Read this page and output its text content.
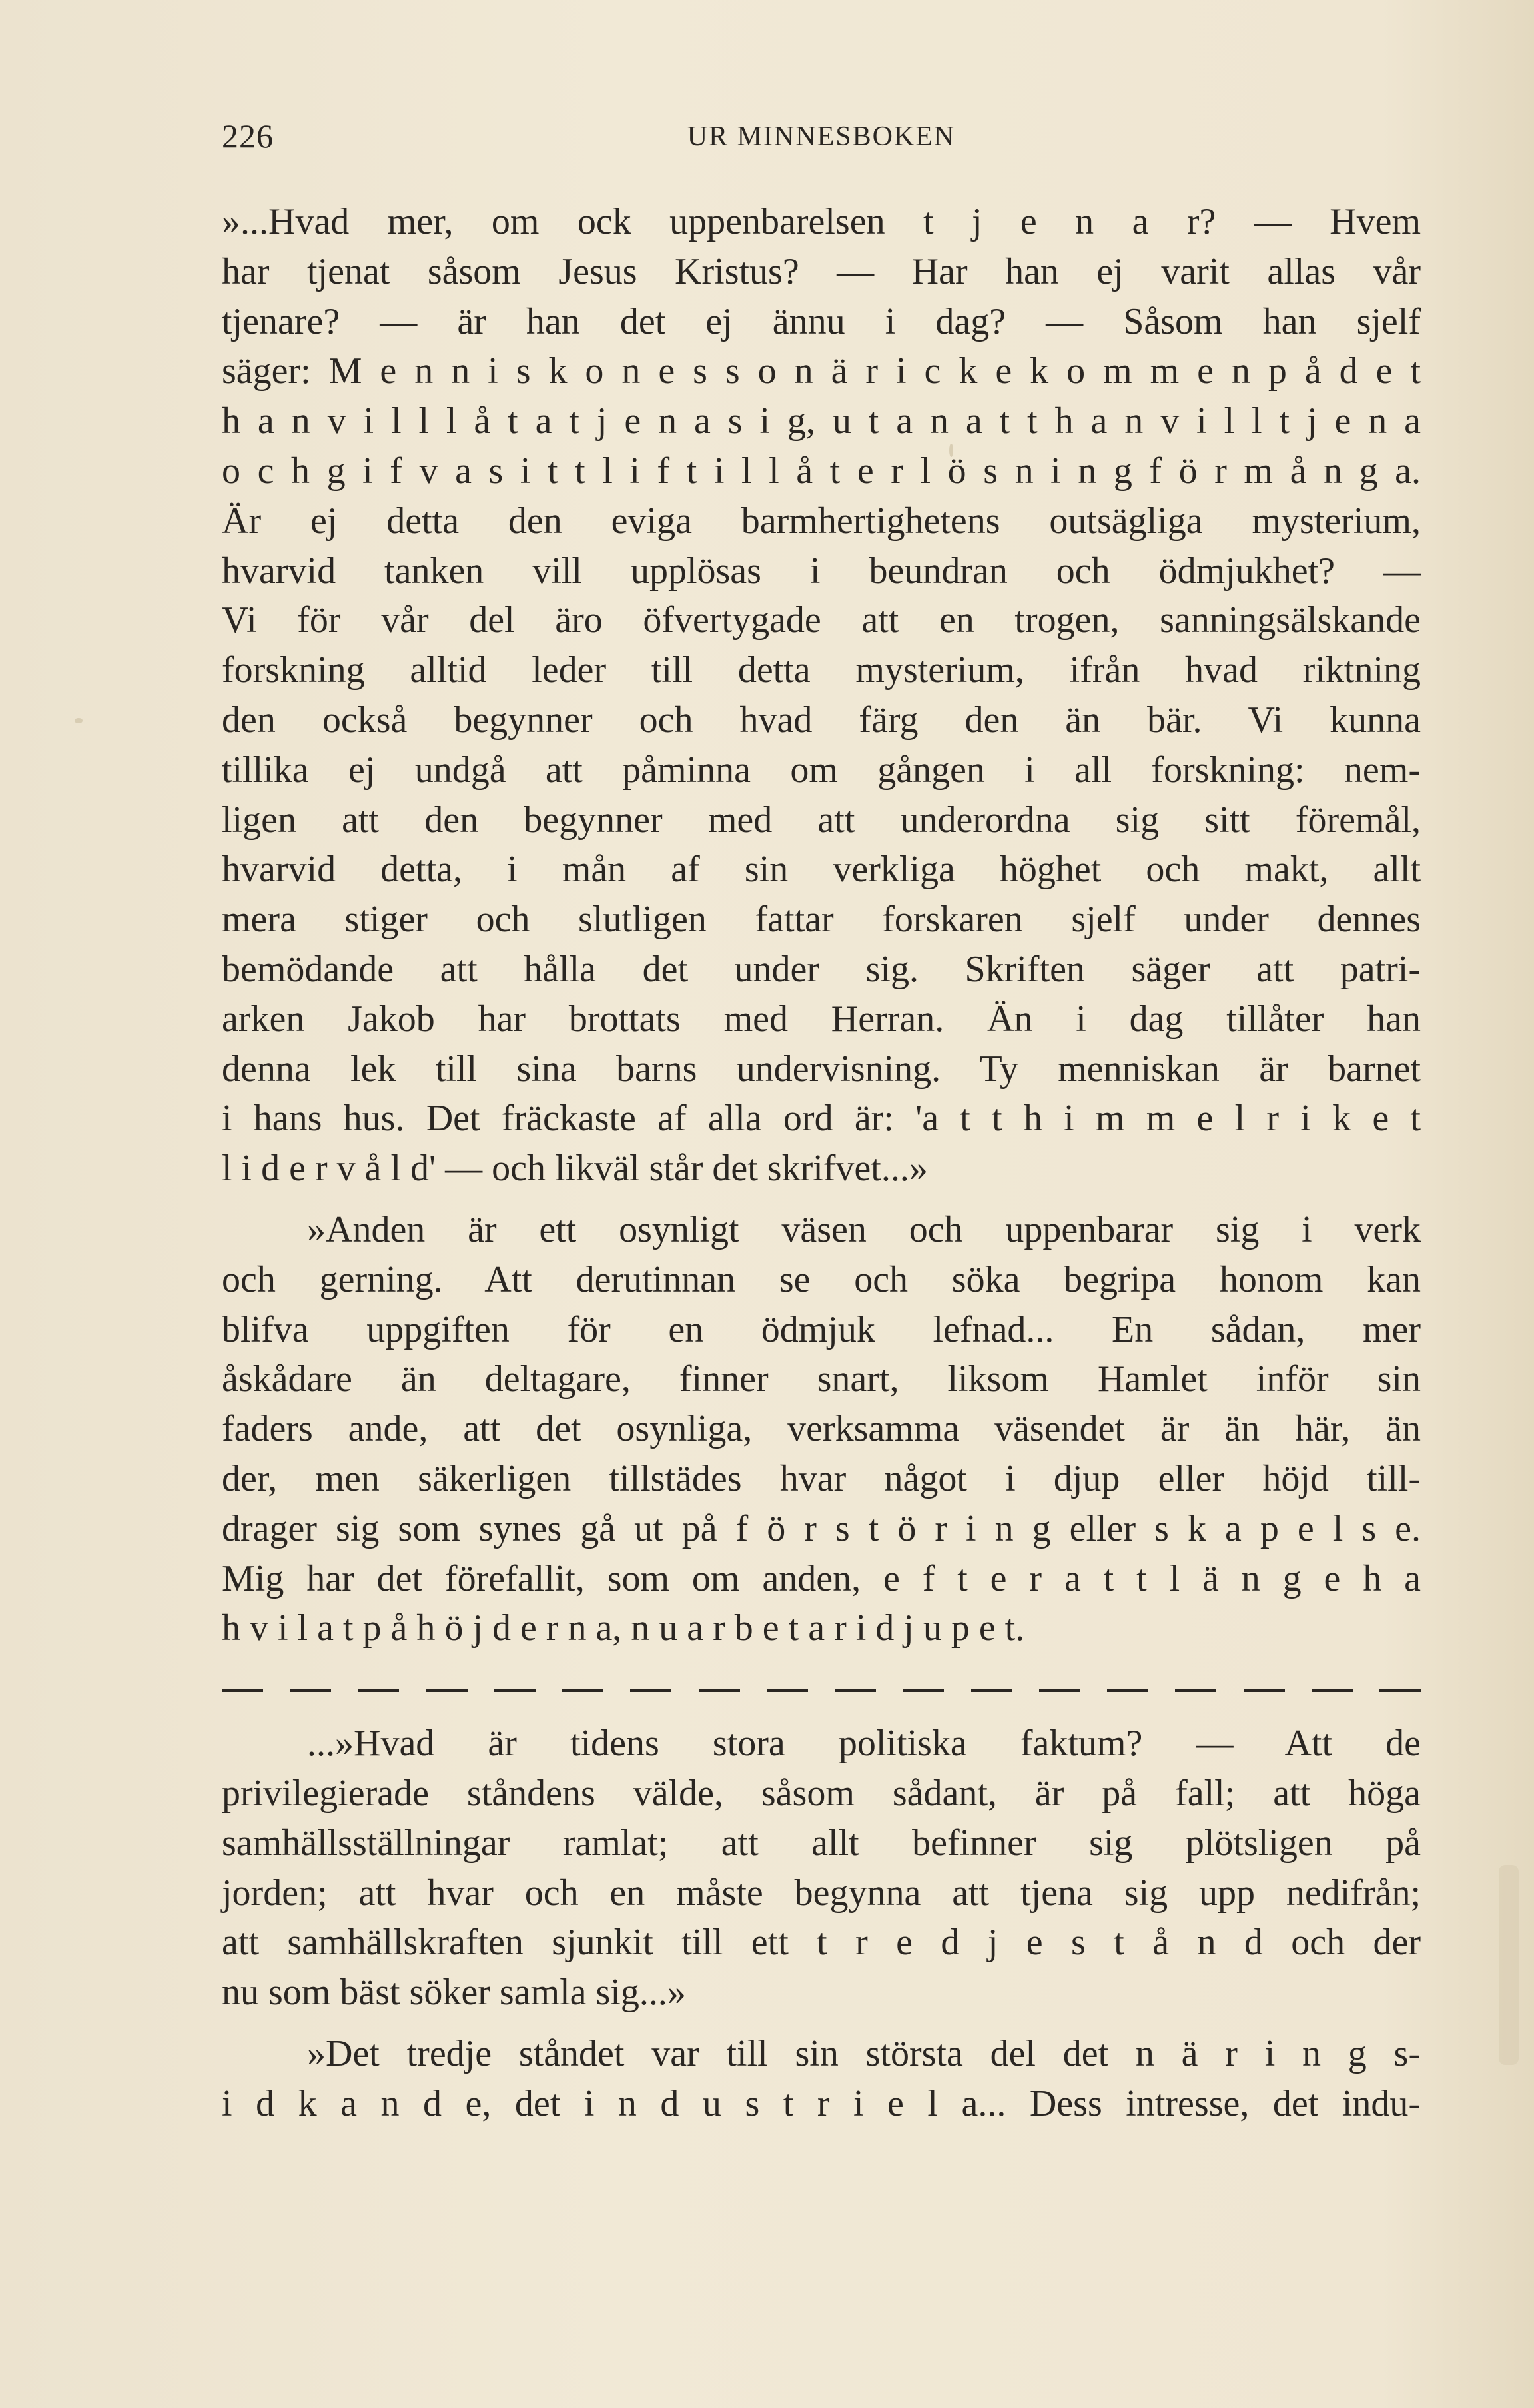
226	UR MINNESBOKEN
»...Hvad mer, om ock uppenbarelsen t j e n a r? — Hvem
har tjenat såsom Jesus Kristus? — Har han ej varit allas vår
tjenare? — är han det ej ännu i dag? — Såsom han sjelf
säger: M e n n i s k o n e s s o n ä r i c k e k o m m e n p å d e t
h a n v i l l l å t a t j e n a s i g, u t a n a t t h a n v i l l t j e n a
o c h g i f v a s i t t l i f t i l l å t e r l ö s n i n g f ö r m å n g a.
Är ej detta den eviga barmhertighetens outsägliga mysterium,
hvarvid tanken vill upplösas i beundran och ödmjukhet? —
Vi för vår del äro öfvertygade att en trogen, sanningsälskande
forskning alltid leder till detta mysterium, ifrån hvad riktning
den också begynner och hvad färg den än bär. Vi kunna
tillika ej undgå att påminna om gången i all forskning: nem-
ligen att den begynner med att underordna sig sitt föremål,
hvarvid detta, i mån af sin verkliga höghet och makt, allt
mera stiger och slutligen fattar forskaren sjelf under dennes
bemödande att hålla det under sig. Skriften säger att patri-
arken Jakob har brottats med Herran. Än i dag tillåter han
denna lek till sina barns undervisning. Ty menniskan är barnet
i hans hus. Det fräckaste af alla ord är: 'a t t h i m m e l r i k e t
l i d e r v å l d' — och likväl står det skrifvet...»
»Anden är ett osynligt väsen och uppenbarar sig i verk
och gerning. Att derutinnan se och söka begripa honom kan
blifva uppgiften för en ödmjuk lefnad... En sådan, mer
åskådare än deltagare, finner snart, liksom Hamlet inför sin
faders ande, att det osynliga, verksamma väsendet är än här, än
der, men säkerligen tillstädes hvar något i djup eller höjd till-
drager sig som synes gå ut på f ö r s t ö r i n g eller s k a p e l s e.
Mig har det förefallit, som om anden, e f t e r a t t l ä n g e h a
h v i l a t p å h ö j d e r n a, n u a r b e t a r i d j u p e t.
...»Hvad är tidens stora politiska faktum? — Att de
privilegierade ståndens välde, såsom sådant, är på fall; att höga
samhällsställningar ramlat; att allt befinner sig plötsligen på
jorden; att hvar och en måste begynna att tjena sig upp nedifrån;
att samhällskraften sjunkit till ett t r e d j e s t å n d och der
nu som bäst söker samla sig...»
»Det tredje ståndet var till sin största del det n ä r i n g s-
i d k a n d e, det i n d u s t r i e l a... Dess intresse, det indu-
